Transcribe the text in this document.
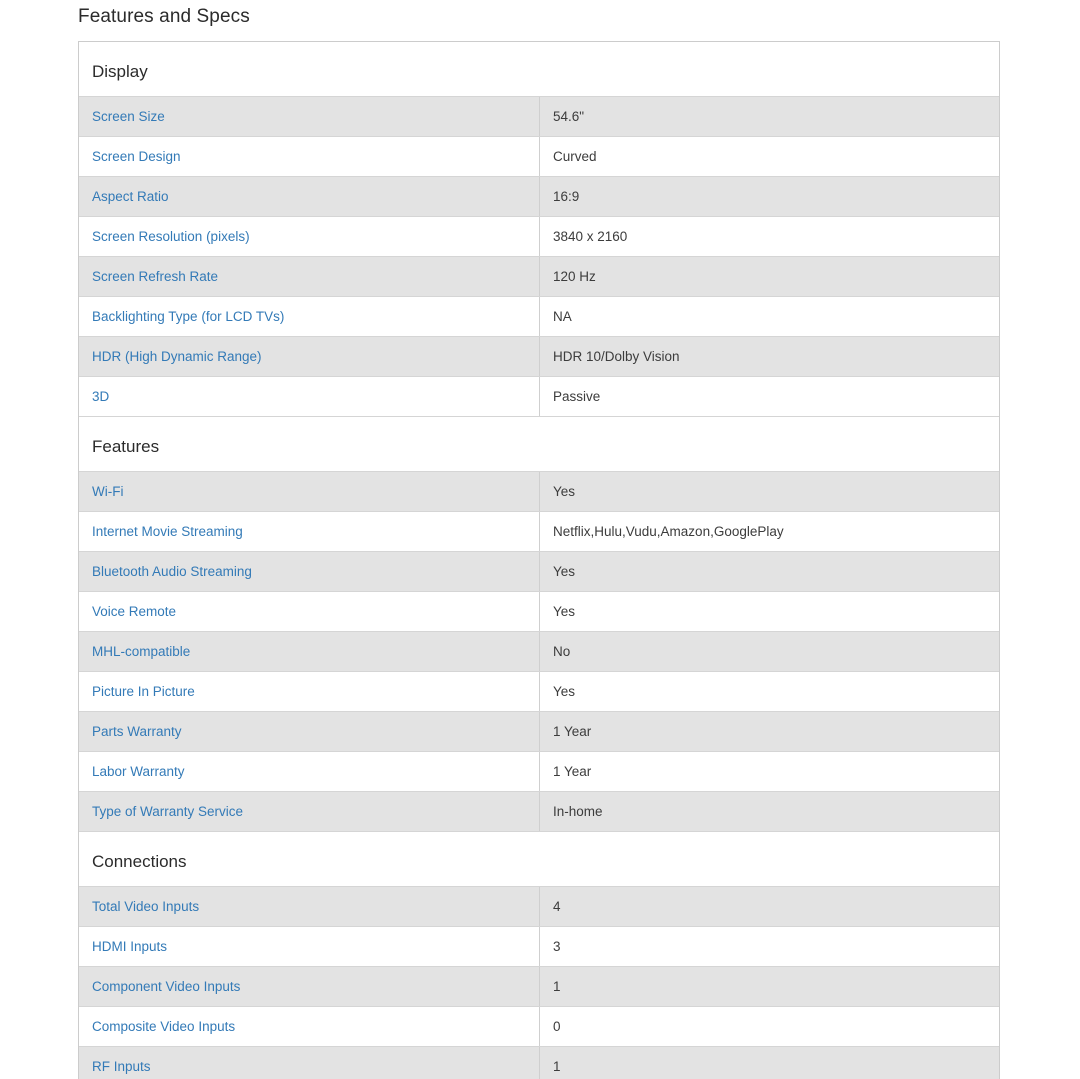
Features and Specs
Display
Screen Size	54.6"
Screen Design	Curved
Aspect Ratio	16:9
Screen Resolution (pixels)	3840 x 2160
Screen Refresh Rate	120 Hz
Backlighting Type (for LCD TVs)	NA
HDR (High Dynamic Range)	HDR 10/Dolby Vision
3D	Passive
Features
Wi-Fi	Yes
Internet Movie Streaming	Netflix,Hulu,Vudu,Amazon,GooglePlay
Bluetooth Audio Streaming	Yes
Voice Remote	Yes
MHL-compatible	No
Picture In Picture	Yes
Parts Warranty	1 Year
Labor Warranty	1 Year
Type of Warranty Service	In-home
Connections
Total Video Inputs	4
HDMI Inputs	3
Component Video Inputs	1
Composite Video Inputs	0
RF Inputs	1
